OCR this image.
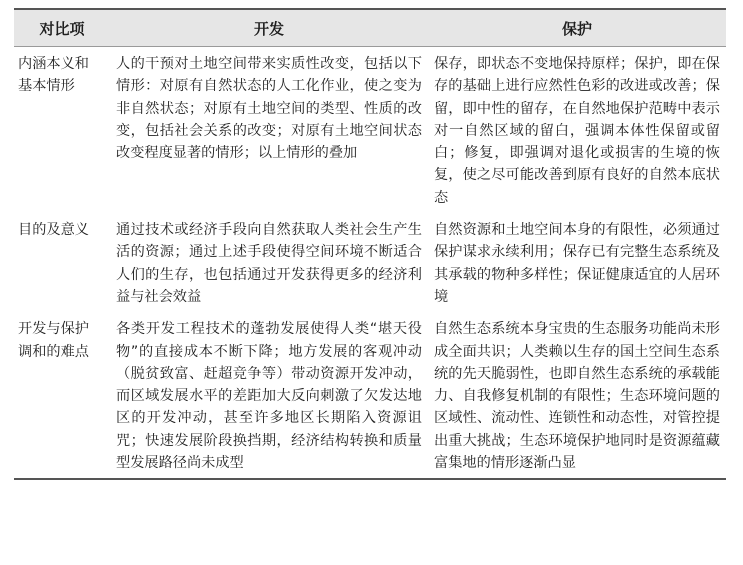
对比项	开发	保护
内涵本义和基本情形	人的干预对土地空间带来实质性改变，包括以下情形：对原有自然状态的人工化作业，使之变为非自然状态；对原有土地空间的类型、性质的改变，包括社会关系的改变；对原有土地空间状态改变程度显著的情形；以上情形的叠加	保存，即状态不变地保持原样；保护，即在保存的基础上进行应然性色彩的改进或改善；保留，即中性的留存，在自然地保护范畴中表示对一自然区域的留白，强调本体性保留或留白；修复，即强调对退化或损害的生境的恢复，使之尽可能改善到原有良好的自然本底状态
目的及意义	通过技术或经济手段向自然获取人类社会生产生活的资源；通过上述手段使得空间环境不断适合人们的生存，也包括通过开发获得更多的经济利益与社会效益	自然资源和土地空间本身的有限性，必须通过保护谋求永续利用；保存已有完整生态系统及其承载的物种多样性；保证健康适宜的人居环境
开发与保护调和的难点	各类开发工程技术的蓬勃发展使得人类“堪天役物”的直接成本不断下降；地方发展的客观冲动（脱贫致富、赶超竞争等）带动资源开发冲动，而区域发展水平的差距加大反向刺激了欠发达地区的开发冲动，甚至许多地区长期陷入资源诅咒；快速发展阶段换挡期，经济结构转换和质量型发展路径尚未成型	自然生态系统本身宝贵的生态服务功能尚未形成全面共识；人类赖以生存的国土空间生态系统的先天脆弱性，也即自然生态系统的承载能力、自我修复机制的有限性；生态环境问题的区域性、流动性、连锁性和动态性，对管控提出重大挑战；生态环境保护地同时是资源蕴藏富集地的情形逐渐凸显
